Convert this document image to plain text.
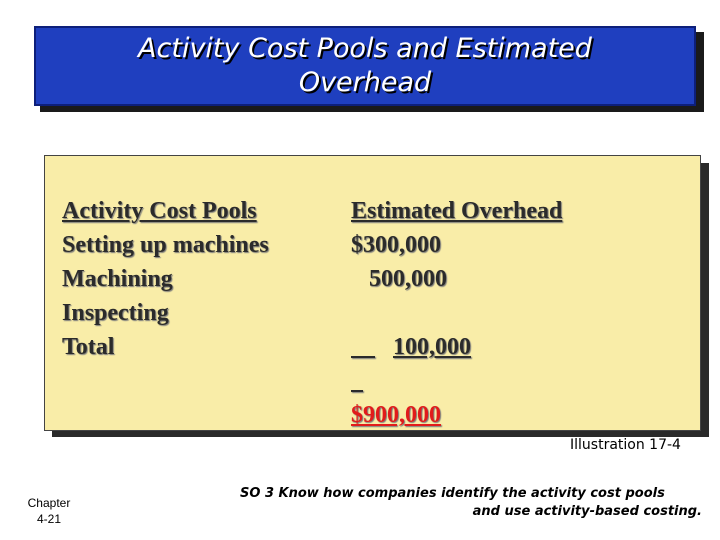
Activity Cost Pools and Estimated
Overhead
Activity Cost Pools
Setting up machines
Machining
Inspecting
Total
Estimated Overhead
$300,000
500,000

100,000

$900,000
Illustration 17-4
Chapter
4-21
SO 3 Know how companies identify the activity cost pools
and use activity-based costing.
